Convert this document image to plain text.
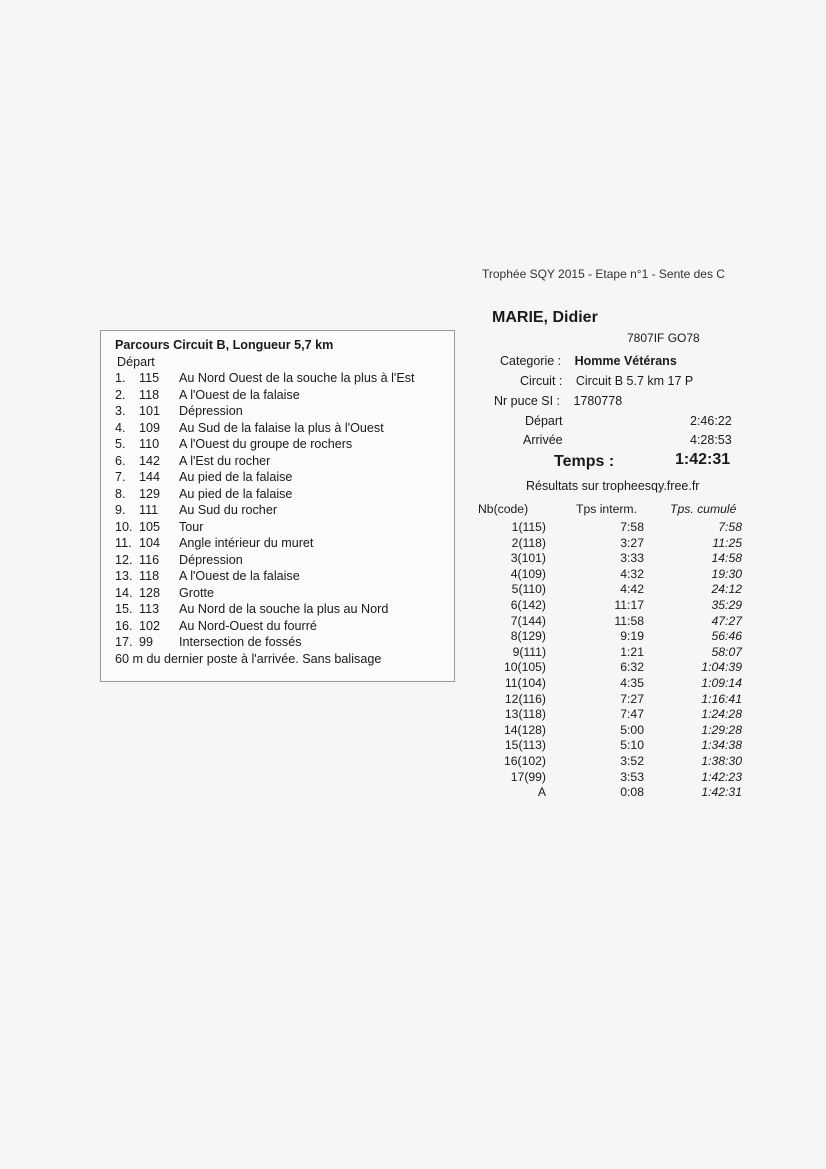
Parcours Circuit B, Longueur 5,7 km
Départ
1.	115	Au Nord Ouest de la souche la plus à l'Est
2.	118	A l'Ouest de la falaise
3.	101	Dépression
4.	109	Au Sud de la falaise la plus à l'Ouest
5.	110	A l'Ouest du groupe de rochers
6.	142	A l'Est du rocher
7.	144	Au pied de la falaise
8.	129	Au pied de la falaise
9.	111	Au Sud du rocher
10. 105	Tour
11. 104	Angle intérieur du muret
12. 116	Dépression
13. 118	A l'Ouest de la falaise
14. 128	Grotte
15. 113	Au Nord de la souche la plus au Nord
16. 102	Au Nord-Ouest du fourré
17. 99	Intersection de fossés
60 m du dernier poste à l'arrivée. Sans balisage
Trophée SQY 2015 - Etape n°1 - Sente des C
MARIE, Didier
7807IF GO78
Categorie : Homme Vétérans
Circuit : Circuit B 5.7 km 17 P
Nr puce SI : 1780778
Départ	2:46:22
Arrivée	4:28:53
Temps :	1:42:31
Résultats sur tropheesqy.free.fr
Nb(code)	Tps interm.	Tps. cumulé
1(115)	7:58	7:58
2(118)	3:27	11:25
3(101)	3:33	14:58
4(109)	4:32	19:30
5(110)	4:42	24:12
6(142)	11:17	35:29
7(144)	11:58	47:27
8(129)	9:19	56:46
9(111)	1:21	58:07
10(105)	6:32	1:04:39
11(104)	4:35	1:09:14
12(116)	7:27	1:16:41
13(118)	7:47	1:24:28
14(128)	5:00	1:29:28
15(113)	5:10	1:34:38
16(102)	3:52	1:38:30
17(99)	3:53	1:42:23
A	0:08	1:42:31
